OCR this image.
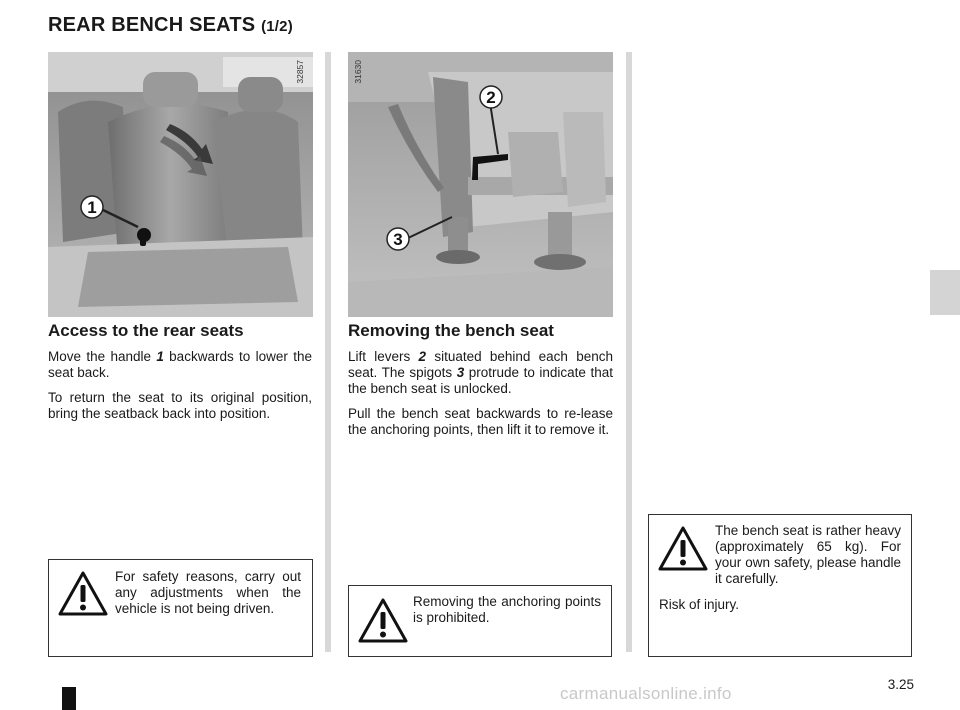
REAR BENCH SEATS (1/2)
1
32857
2
3
31630
Access to the rear seats

Move the handle 1 backwards to lower the seat back.

To return the seat to its original position, bring the seatback back into position.

Removing the bench seat

Lift levers 2 situated behind each bench seat. The spigots 3 protrude to indicate that the bench seat is unlocked.

Pull the bench seat backwards to re-lease the anchoring points, then lift it to remove it.

For safety reasons, carry out any adjustments when the vehicle is not being driven.	Removing the anchoring points is prohibited.
The bench seat is rather heavy (approximately 65 kg). For your own safety, please handle it carefully.
Risk of injury.
3.25
carmanualsonline.info
